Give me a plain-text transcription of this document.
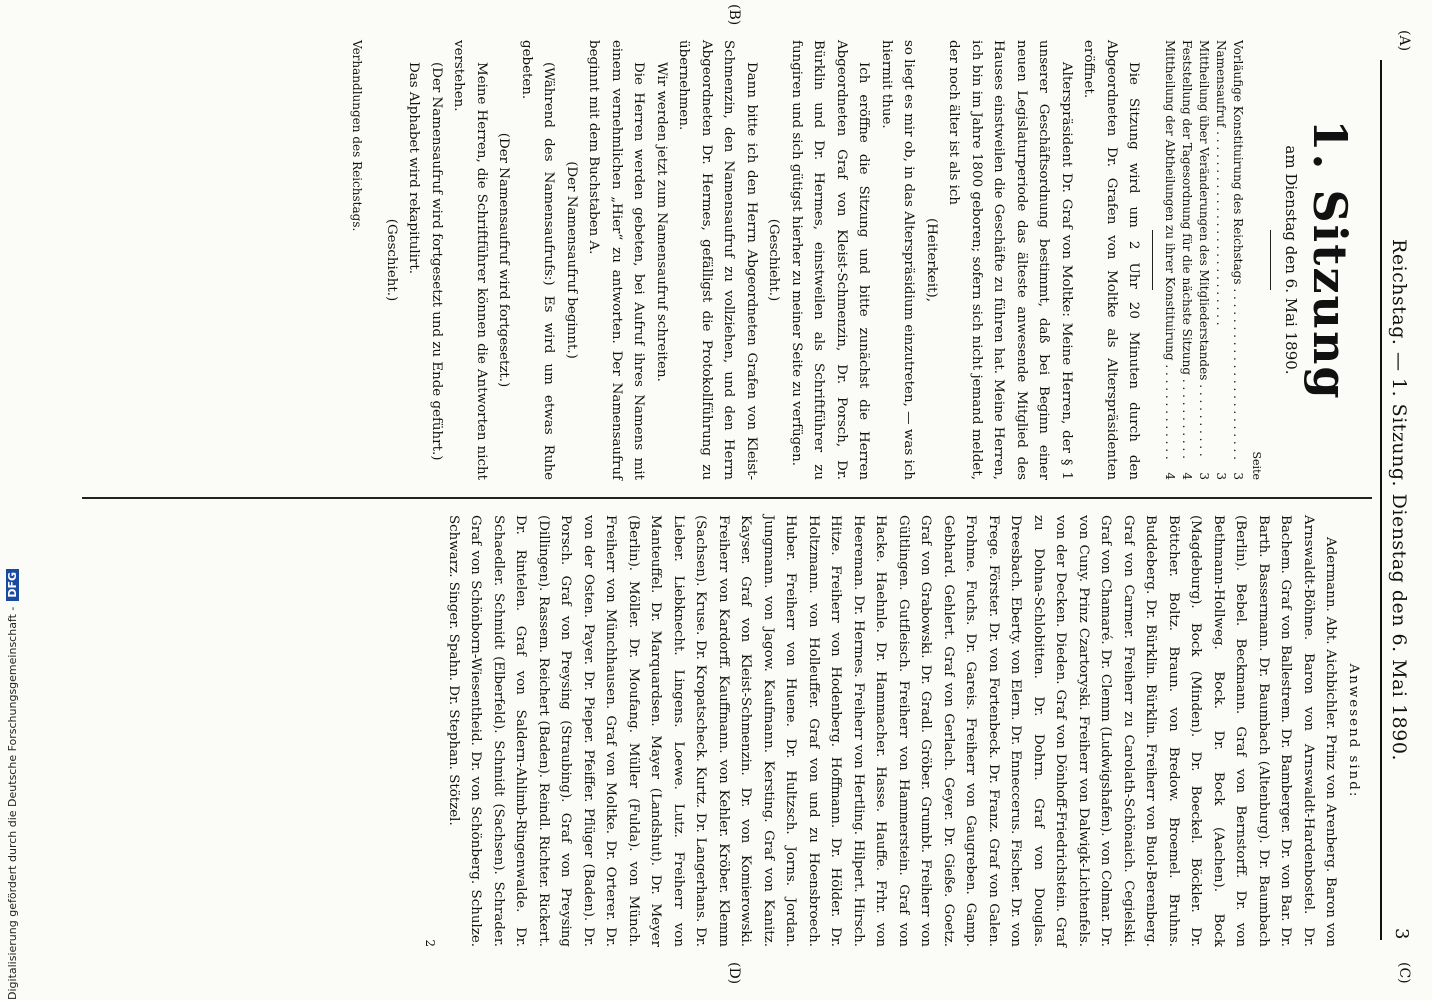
(A)
(C)
(B)
(D)
Reichstag. — 1. Sitzung. Dienstag den 6. Mai 1890.
3
1. Sitzung
am Dienstag den 6. Mai 1890.
Seite
Vorläufige Konstituirung des Reichstags . . .
3
Namensaufruf . . .
3
Mittheilung über Veränderungen des Mitgliederstandes . . .
3
Feststellung der Tagesordnung für die nächste Sitzung . . .
4
Mittheilung der Abtheilungen zu ihrer Konstituirung . . .
4

Die Sitzung wird um 2 Uhr 20 Minuten durch den Abgeordneten Dr. Grafen von Moltke als Alterspräsidenten eröffnet.

Alterspräsident Dr. Graf von Moltke: Meine Herren, der § 1 unserer Geschäftsordnung bestimmt, daß bei Beginn einer neuen Legislaturperiode das älteste anwesende Mitglied des Hauses einstweilen die Geschäfte zu führen hat. Meine Herren, ich bin im Jahre 1800 geboren; sofern sich nicht jemand meldet, der noch älter ist als ich

(Heiterkeit),

so liegt es mir ob, in das Alterspräsidium einzutreten, — was ich hiermit thue.

Ich eröffne die Sitzung und bitte zunächst die Herren Abgeordneten Graf von Kleist-Schmenzin, Dr. Porsch, Dr. Bürklin und Dr. Hermes, einstweilen als Schriftführer zu fungiren und sich gütigst hierher zu meiner Seite zu verfügen.

(Geschieht.)

Dann bitte ich den Herrn Abgeordneten Grafen von Kleist-Schmenzin, den Namensaufruf zu vollziehen, und den Herrn Abgeordneten Dr. Hermes, gefälligst die Protokollführung zu übernehmen.

Wir werden jetzt zum Namensaufruf schreiten.

Die Herren werden gebeten, bei Aufruf ihres Namens mit einem vernehmlichen „Hier“ zu antworten. Der Namensaufruf beginnt mit dem Buchstaben A.

(Der Namensaufruf beginnt.)

(Während des Namensaufrufs:) Es wird um etwas Ruhe gebeten.

(Der Namensaufruf wird fortgesetzt.)

Meine Herren, die Schriftführer können die Antworten nicht verstehen.

(Der Namensaufruf wird fortgesetzt und zu Ende geführt.)

Das Alphabet wird rekapitulirt.

(Geschieht.)

Verhandlungen des Reichstags.

Anwesend sind:

Adermann. Abt. Aichbichler. Prinz von Arenberg. Baron von Arnswaldt-Böhme. Baron von Arnswaldt-Hardenbostel. Dr. Bachem. Graf von Ballestrem. Dr. Bamberger. Dr. von Bar. Dr. Barth. Bassermann. Dr. Baumbach (Altenburg). Dr. Baumbach (Berlin). Bebel. Beckmann. Graf von Bernstorff. Dr. von Bethmann-Hollweg. Bock. Dr. Bock (Aachen). Bock (Magdeburg). Bock (Minden). Dr. Boeckel. Böckler. Dr. Böttcher. Boltz. Braun. von Bredow. Broemel. Bruhns. Buddeberg. Dr. Bürklin. Bürklin. Freiherr von Buol-Berenberg. Graf von Carmer. Freiherr zu Carolath-Schönaich. Cegielski. Graf von Chamaré. Dr. Clemm (Ludwigshafen). von Colmar. Dr. von Cuny. Prinz Czartoryski. Freiherr von Dalwigk-Lichtenfels. von der Decken. Dieden. Graf von Dönhoff-Friedrichstein. Graf zu Dohna-Schlobitten. Dr. Dohrn. Graf von Douglas. Dreesbach. Eberty. von Elern. Dr. Enneccerus. Fischer. Dr. von Frege. Förster. Dr. von Fortenbeck. Dr. Franz. Graf von Galen. Frohme. Fuchs. Dr. Gareis. Freiherr von Gaugreben. Gamp. Gebhard. Gehlert. Graf von Gerlach. Geyer. Dr. Gieße. Goetz. Graf von Grabowski. Dr. Gradl. Gröber. Grumbt. Freiherr von Gültlingen. Gutfleisch. Freiherr von Hammerstein. Graf von Hacke. Haehnle. Dr. Hammacher. Hasse. Hauffe. Frhr. von Heereman. Dr. Hermes. Freiherr von Hertling. Hilpert. Hirsch. Hitze. Freiherr von Hodenberg. Hoffmann. Dr. Hölder. Dr. Holtzmann. von Holleuffer. Graf von und zu Hoensbroech. Huber. Freiherr von Huene. Dr. Hultzsch. Jorns. Jordan. Jungmann. von Jagow. Kaufmann. Kersting. Graf von Kanitz. Kayser. Graf von Kleist-Schmenzin. Dr. von Komierowski. Freiherr von Kardorff. Kauffmann. von Kehler. Kröber. Klemm (Sachsen). Kruse. Dr. Kropatscheck. Kurtz. Dr. Langerhans. Dr. Lieber. Liebknecht. Lingens. Loewe. Lutz. Freiherr von Manteuffel. Dr. Marquardsen. Mayer (Landshut). Dr. Meyer (Berlin). Möller. Dr. Moufang. Müller (Fulda). von Münch. Freiherr von Münchhausen. Graf von Moltke. Dr. Orterer. Dr. von der Osten. Payer. Dr. Pieper. Pfeiffer. Pflüger (Baden). Dr. Porsch. Graf von Preysing (Straubing). Graf von Preysing (Dillingen). Rassem. Reichert (Baden). Reindl. Richter. Rickert. Dr. Rintelen. Graf von Saldern-Ahlimb-Ringenwalde. Dr. Schaedler. Schmidt (Elberfeld). Schmidt (Sachsen). Schrader. Graf von Schönborn-Wiesentheid. Dr. von Schönberg. Schulze. Schwarz. Singer. Spahn. Dr. Stephan. Stötzel.

2

Digitalisierung gefördert durch die Deutsche Forschungsgemeinschaft -DFG
